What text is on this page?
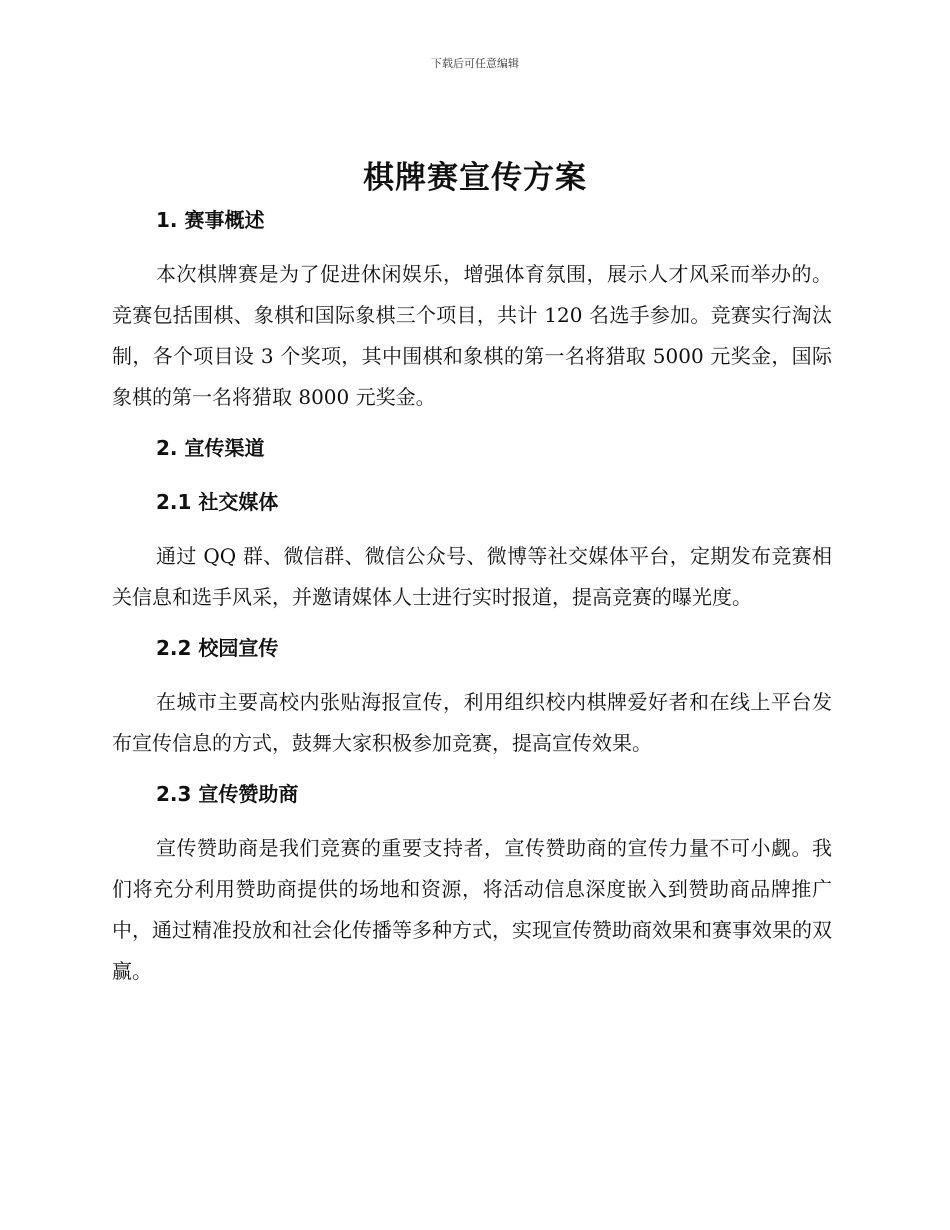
下载后可任意编辑
棋牌赛宣传方案
1. 赛事概述

本次棋牌赛是为了促进休闲娱乐，增强体育氛围，展示人才风采而举办的。竞赛包括围棋、象棋和国际象棋三个项目，共计 120 名选手参加。竞赛实行淘汰制，各个项目设 3 个奖项，其中围棋和象棋的第一名将猎取 5000 元奖金，国际象棋的第一名将猎取 8000 元奖金。

2. 宣传渠道
2.1 社交媒体

通过 QQ 群、微信群、微信公众号、微博等社交媒体平台，定期发布竞赛相关信息和选手风采，并邀请媒体人士进行实时报道，提高竞赛的曝光度。

2.2 校园宣传

在城市主要高校内张贴海报宣传，利用组织校内棋牌爱好者和在线上平台发布宣传信息的方式，鼓舞大家积极参加竞赛，提高宣传效果。

2.3 宣传赞助商

宣传赞助商是我们竞赛的重要支持者，宣传赞助商的宣传力量不可小觑。我们将充分利用赞助商提供的场地和资源，将活动信息深度嵌入到赞助商品牌推广中，通过精准投放和社会化传播等多种方式，实现宣传赞助商效果和赛事效果的双赢。
